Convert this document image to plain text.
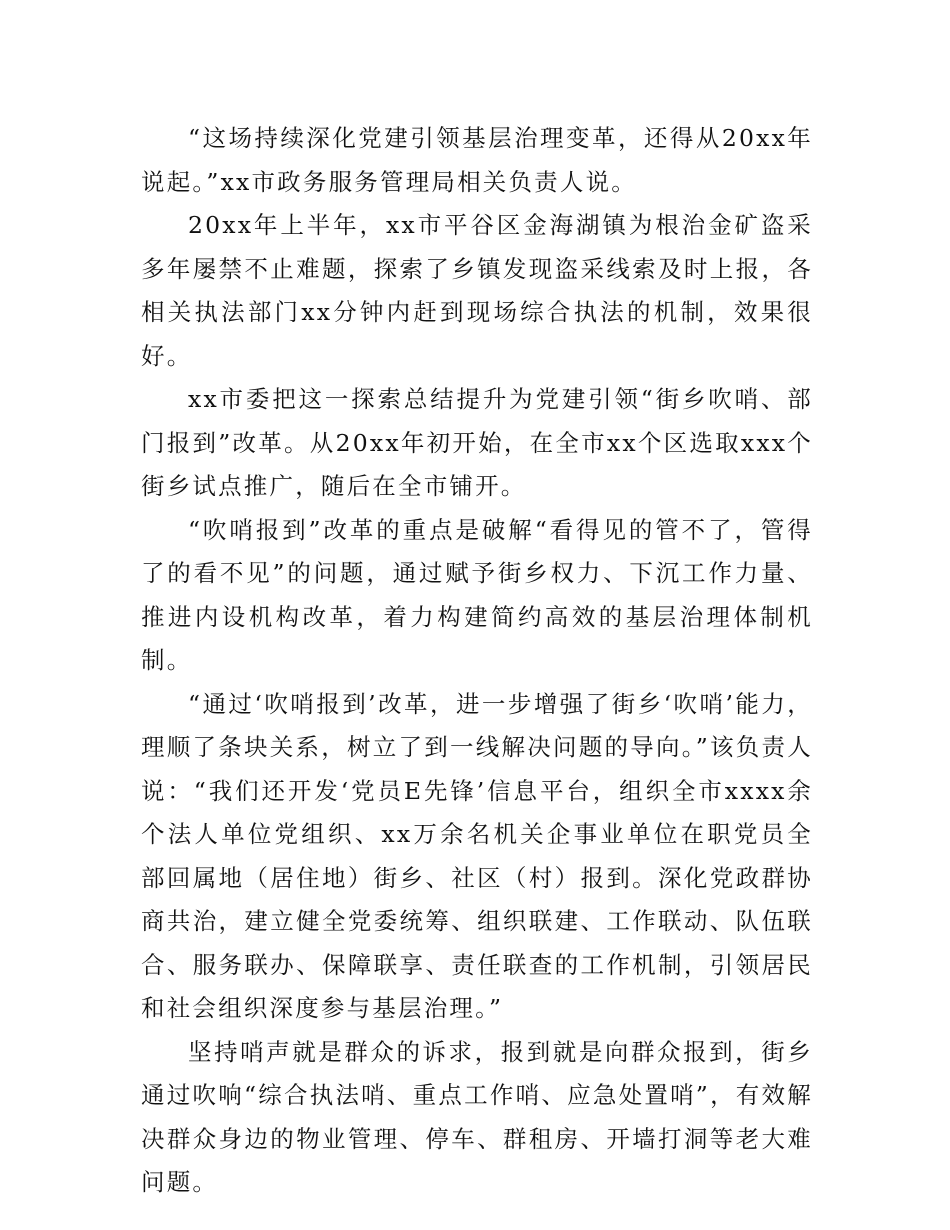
“这场持续深化党建引领基层治理变革，还得从20xx年说起。”xx市政务服务管理局相关负责人说。

20xx年上半年，xx市平谷区金海湖镇为根治金矿盗采多年屡禁不止难题，探索了乡镇发现盗采线索及时上报，各相关执法部门xx分钟内赶到现场综合执法的机制，效果很好。

xx市委把这一探索总结提升为党建引领“街乡吹哨、部门报到”改革。从20xx年初开始，在全市xx个区选取xxx个街乡试点推广，随后在全市铺开。

“吹哨报到”改革的重点是破解“看得见的管不了，管得了的看不见”的问题，通过赋予街乡权力、下沉工作力量、推进内设机构改革，着力构建简约高效的基层治理体制机制。

“通过‘吹哨报到’改革，进一步增强了街乡‘吹哨’能力，理顺了条块关系，树立了到一线解决问题的导向。”该负责人说：“我们还开发‘党员E先锋’信息平台，组织全市xxxx余个法人单位党组织、xx万余名机关企事业单位在职党员全部回属地（居住地）街乡、社区（村）报到。深化党政群协商共治，建立健全党委统筹、组织联建、工作联动、队伍联合、服务联办、保障联享、责任联查的工作机制，引领居民和社会组织深度参与基层治理。”

坚持哨声就是群众的诉求，报到就是向群众报到，街乡通过吹响“综合执法哨、重点工作哨、应急处置哨”，有效解决群众身边的物业管理、停车、群租房、开墙打洞等老大难问题。
